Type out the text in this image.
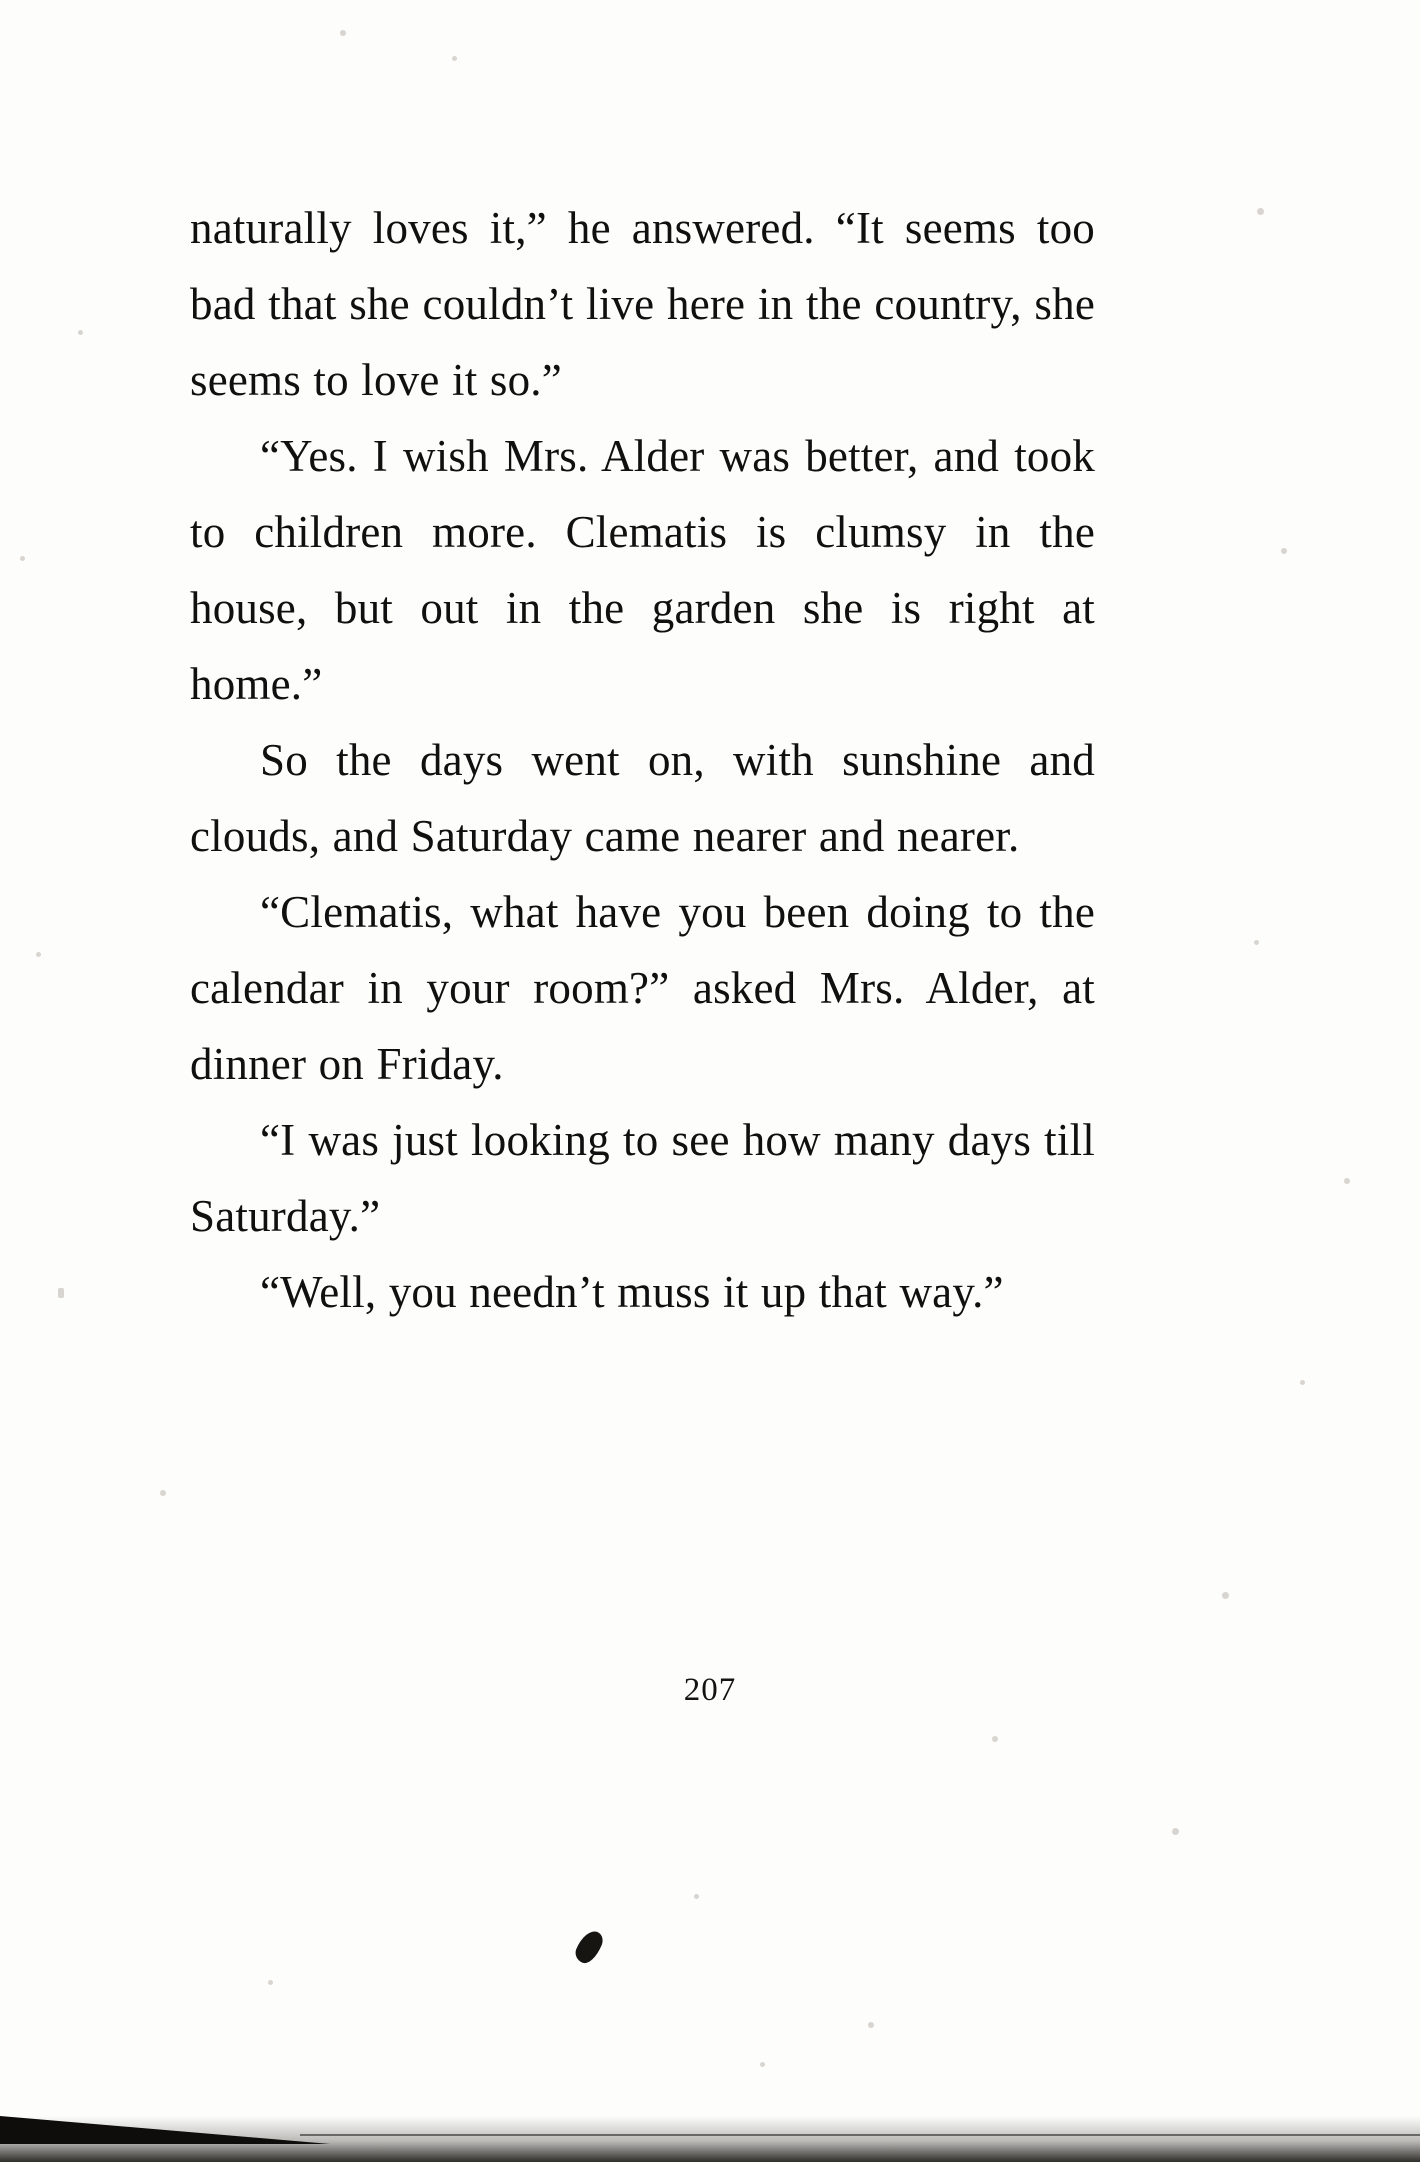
naturally loves it,” he answered. “It seems too bad that she couldn’t live here in the country, she seems to love it so.”

“Yes. I wish Mrs. Alder was better, and took to children more. Clematis is clumsy in the house, but out in the garden she is right at home.”

So the days went on, with sunshine and clouds, and Saturday came nearer and nearer.

“Clematis, what have you been doing to the calendar in your room?” asked Mrs. Alder, at dinner on Friday.

“I was just looking to see how many days till Saturday.”

“Well, you needn’t muss it up that way.”

207
